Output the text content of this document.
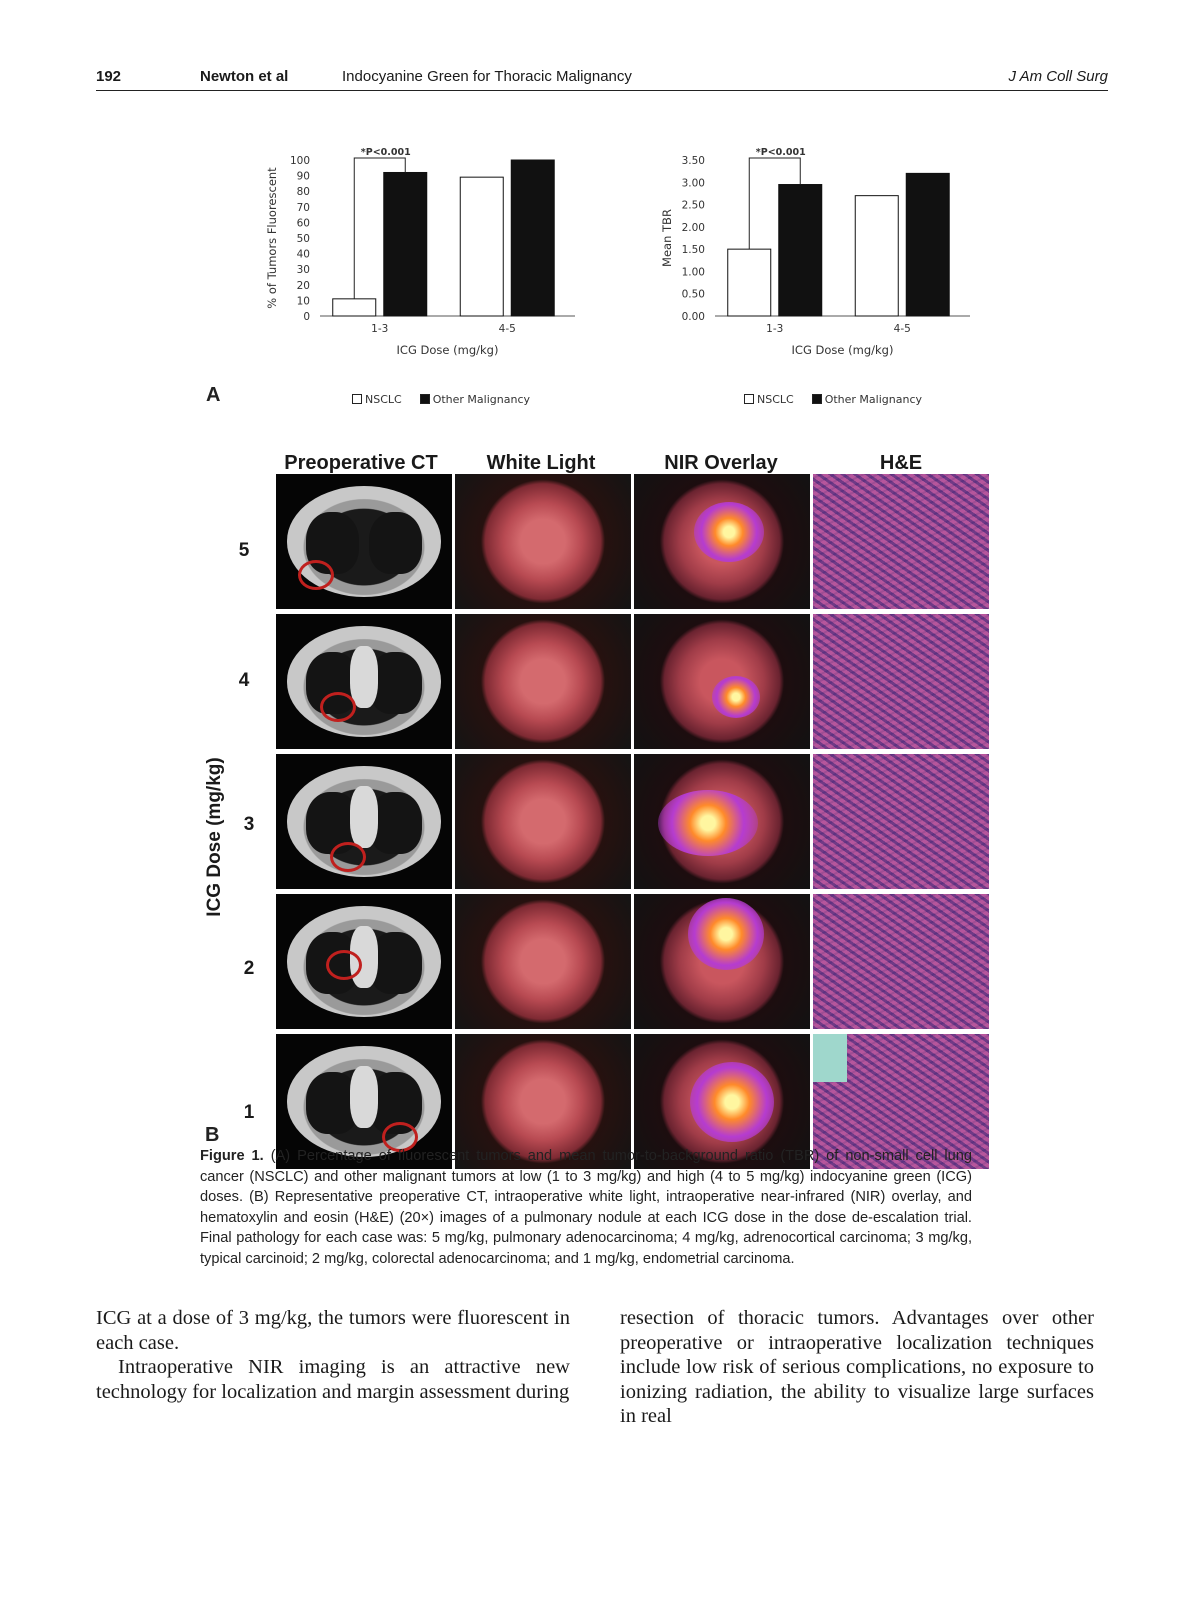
192	Newton et al	Indocyanine Green for Thoracic Malignancy	J Am Coll Surg
0
10
20
30
40
50
60
70
80
90
100
1-3	4-5
*P<0.001
ICG Dose (mg/kg)
% of Tumors Fluorescent
0.00
0.50
1.00
1.50
2.00
2.50
3.00
3.50
1-3	4-5
*P<0.001
ICG Dose (mg/kg)
Mean TBR
A	NSCLC	Other Malignancy	NSCLC	Other Malignancy
Preoperative CT	White Light	NIR Overlay	H&E
ICG Dose (mg/kg)
5
4
3
2
1
B
Figure 1. (A) Percentage of fluorescent tumors and mean tumor-to-background ratio (TBR) of non-small cell lung cancer (NSCLC) and other malignant tumors at low (1 to 3 mg/kg) and high (4 to 5 mg/kg) indocyanine green (ICG) doses. (B) Representative preoperative CT, intraoperative white light, intraoperative near-infrared (NIR) overlay, and hematoxylin and eosin (H&E) (20×) images of a pulmonary nodule at each ICG dose in the dose de-escalation trial. Final pathology for each case was: 5 mg/kg, pulmonary adenocarcinoma; 4 mg/kg, adrenocortical carcinoma; 3 mg/kg, typical carcinoid; 2 mg/kg, colorectal adenocarcinoma; and 1 mg/kg, endometrial carcinoma.

ICG at a dose of 3 mg/kg, the tumors were fluorescent in each case.

Intraoperative NIR imaging is an attractive new technology for localization and margin assessment during

resection of thoracic tumors. Advantages over other preoperative or intraoperative localization techniques include low risk of serious complications, no exposure to ionizing radiation, the ability to visualize large surfaces in real
